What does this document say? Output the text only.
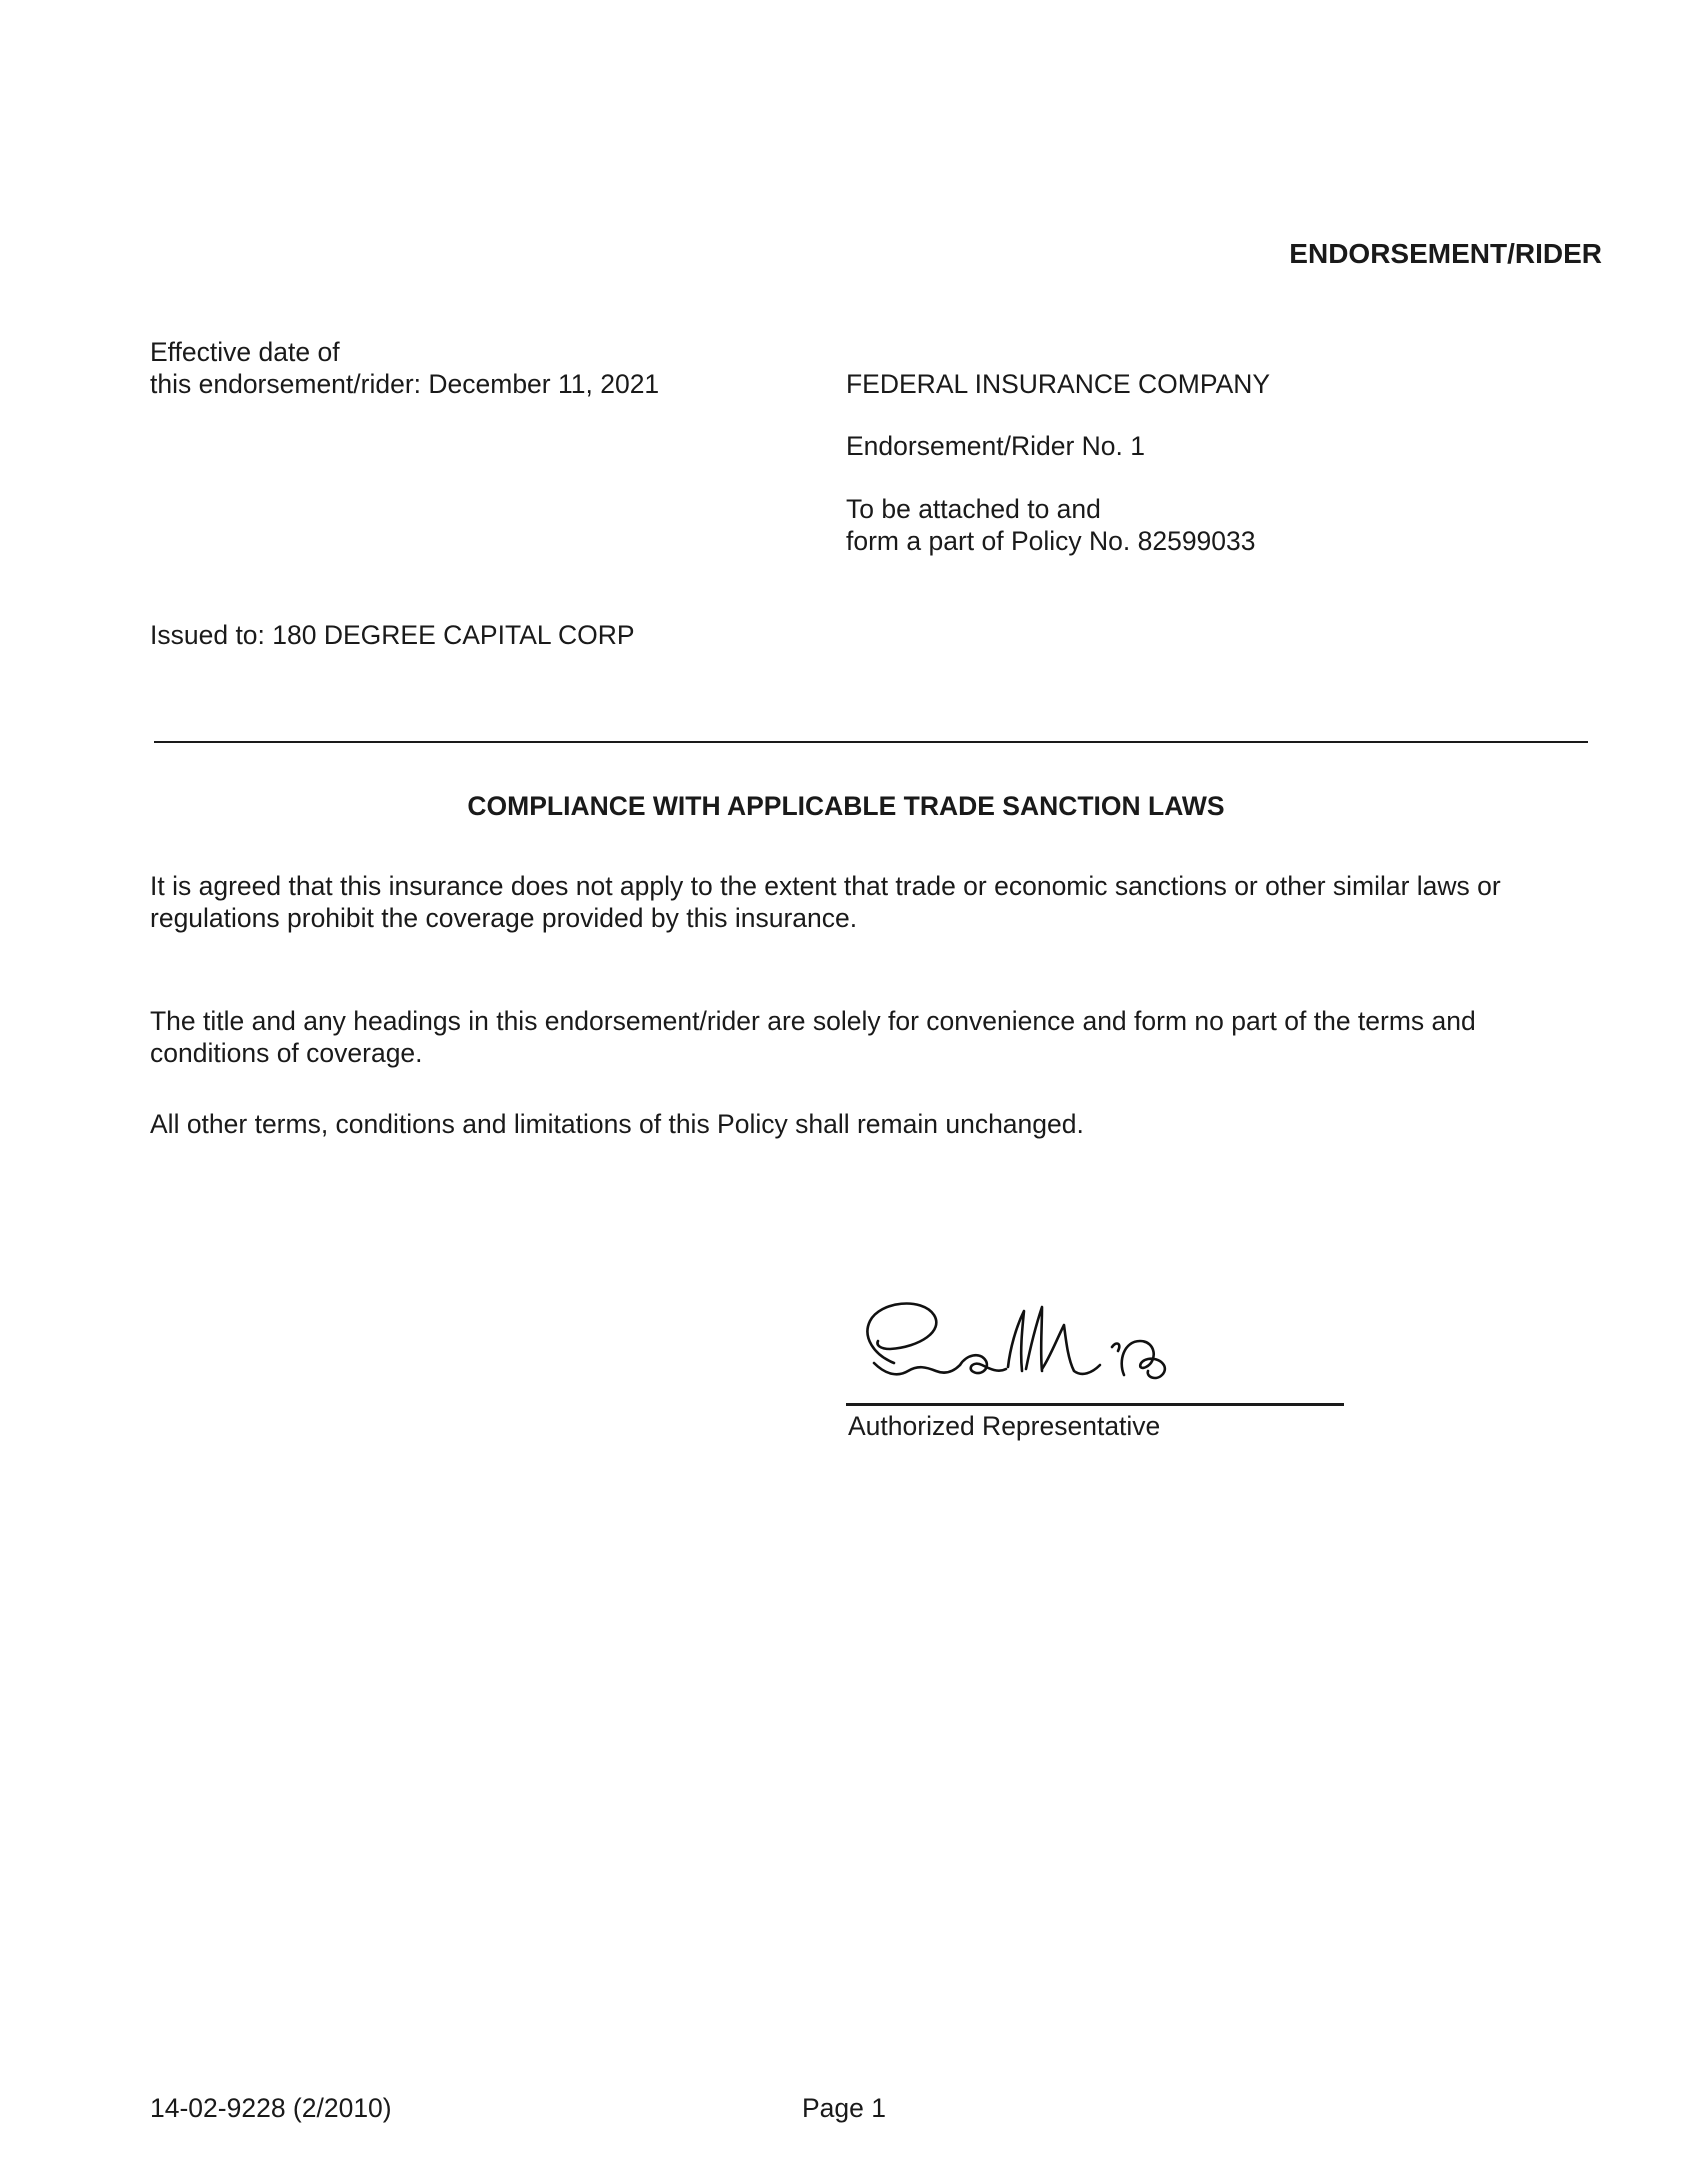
ENDORSEMENT/RIDER
Effective date of
this endorsement/rider: December 11, 2021	FEDERAL INSURANCE COMPANY
Endorsement/Rider No. 1
To be attached to and
form a part of Policy No. 82599033
Issued to: 180 DEGREE CAPITAL CORP
COMPLIANCE WITH APPLICABLE TRADE SANCTION LAWS

It is agreed that this insurance does not apply to the extent that trade or economic sanctions or other similar laws or regulations prohibit the coverage provided by this insurance.

The title and any headings in this endorsement/rider are solely for convenience and form no part of the terms and conditions of coverage.

All other terms, conditions and limitations of this Policy shall remain unchanged.

Authorized Representative
14-02-9228 (2/2010)	Page 1
